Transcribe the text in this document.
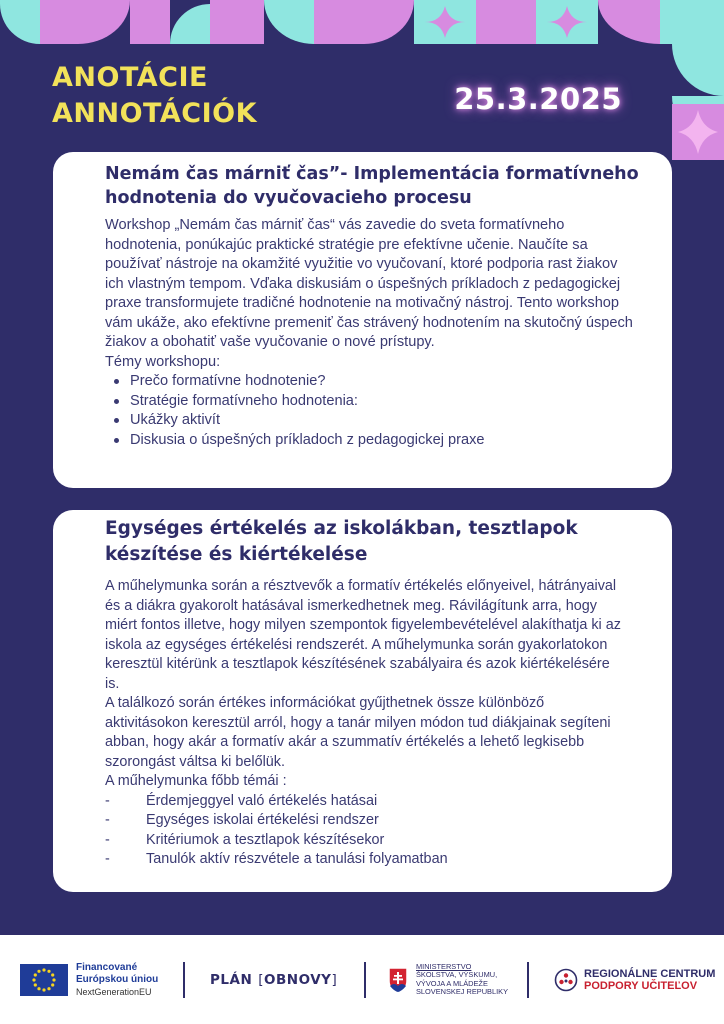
ANOTÁCIE
ANNOTÁCIÓK	25.3.2025
Nemám čas márniť čas”- Implementácia formatívneho hodnotenia do vyučovacieho procesu

Workshop „Nemám čas márniť čas“ vás zavedie do sveta formatívneho hodnotenia, ponúkajúc praktické stratégie pre efektívne učenie. Naučíte sa používať nástroje na okamžité využitie vo vyučovaní, ktoré podporia rast žiakov ich vlastným tempom. Vďaka diskusiám o úspešných príkladoch z pedagogickej praxe transformujete tradičné hodnotenie na motivačný nástroj. Tento workshop vám ukáže, ako efektívne premeniť čas strávený hodnotením na skutočný úspech žiakov a obohatiť vaše vyučovanie o nové prístupy.

Témy workshopu:

Prečo formatívne hodnotenie?
Stratégie formatívneho hodnotenia:
Ukážky aktivít
Diskusia o úspešných príkladoch z pedagogickej praxe
Egységes értékelés az iskolákban, tesztlapok készítése és kiértékelése

A műhelymunka során a résztvevők a formatív értékelés előnyeivel, hátrányaival és a diákra gyakorolt hatásával ismerkedhetnek meg. Rávilágítunk arra, hogy miért fontos illetve, hogy milyen szempontok figyelembevételével alakíthatja ki az iskola az egységes értékelési rendszerét. A műhelymunka során gyakorlatokon keresztül kitérünk a tesztlapok készítésének szabályaira és azok kiértékelésére is.

A találkozó során értékes információkat gyűjthetnek össze különböző aktivitásokon keresztül arról, hogy a tanár milyen módon tud diákjainak segíteni abban, hogy akár a formatív akár a szummatív értékelés a lehető legkisebb szorongást váltsa ki belőlük.

A műhelymunka főbb témái :

- Érdemjeggyel való értékelés hatásai
- Egységes iskolai értékelési rendszer
- Kritériumok a tesztlapok készítésekor
- Tanulók aktív részvétele a tanulási folyamatban
Financované
Európskou úniou
NextGenerationEU
PLÁN [ OBNOVY ]
MINISTERSTVO
ŠKOLSTVA, VÝSKUMU,
VÝVOJA A MLÁDEŽE
SLOVENSKEJ REPUBLIKY
REGIONÁLNE CENTRUM
PODPORY UČITEĽOV
